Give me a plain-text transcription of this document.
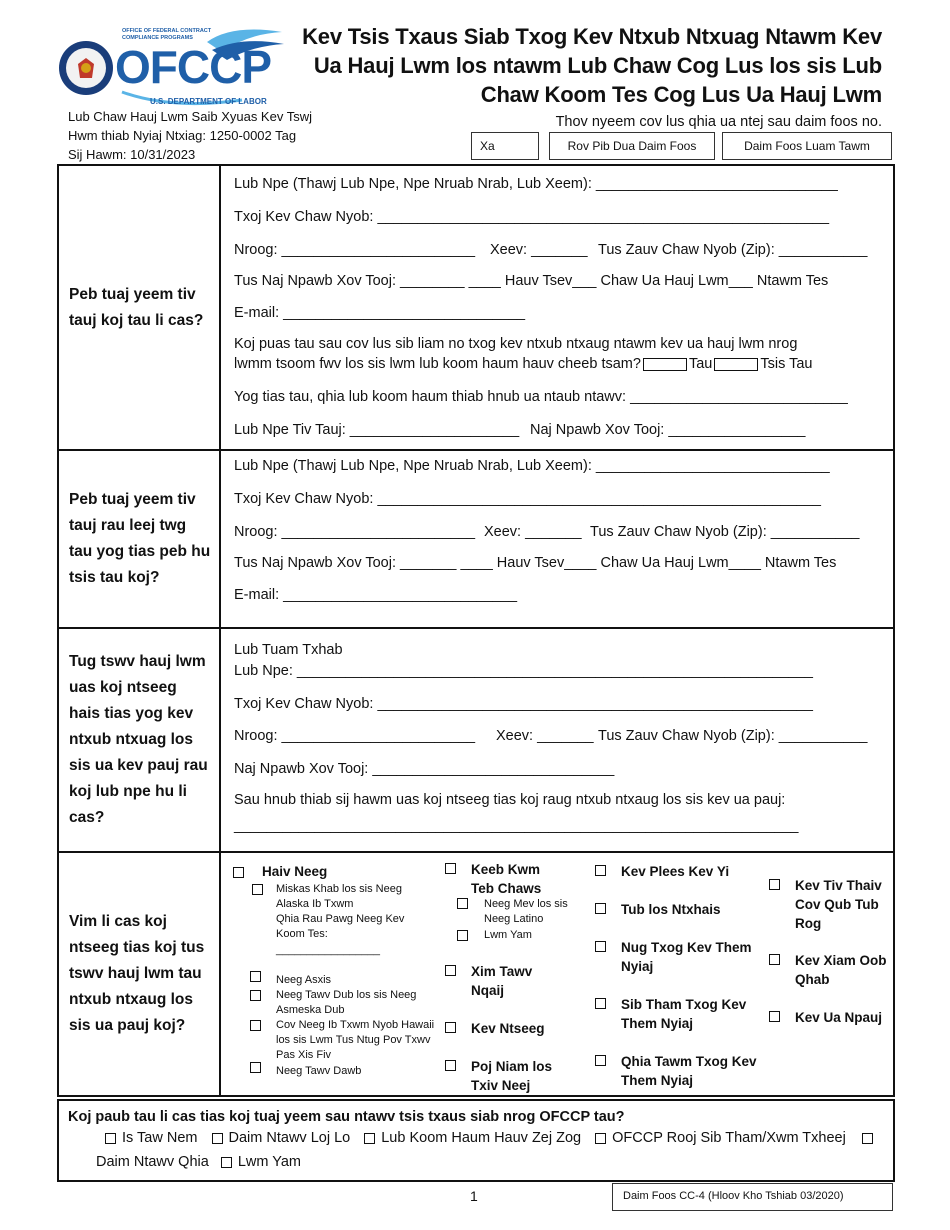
OFFICE OF FEDERAL CONTRACT COMPLIANCE PROGRAMS
OFCCP
U.S. DEPARTMENT OF LABOR
Kev Tsis Txaus Siab Txog Kev Ntxub Ntxuag Ntawm Kev
Ua Hauj Lwm los ntawm Lub Chaw Cog Lus los sis Lub
Chaw Koom Tes Cog Lus Ua Hauj Lwm
Lub Chaw Hauj Lwm Saib Xyuas Kev Tswj
Hwm thiab Nyiaj Ntxiag: 1250-0002 Tag
Sij Hawm: 10/31/2023
Thov nyeem cov lus qhia ua ntej sau daim foos no.
Xa	Rov Pib Dua Daim Foos	Daim Foos Luam Tawm
Peb tuaj yeem tiv tauj koj tau li cas?
Lub Npe (Thawj Lub Npe, Npe Nruab Nrab, Lub Xeem): ______________________________
Txoj Kev Chaw Nyob: ________________________________________________________
Nroog: ________________________ Xeev: _______ Tus Zauv Chaw Nyob (Zip): ___________
Tus Naj Npawb Xov Tooj: ________ ____ Hauv Tsev___ Chaw Ua Hauj Lwm___ Ntawm Tes
E-mail: ______________________________
Koj puas tau sau cov lus sib liam no txog kev ntxub ntxaug ntawm kev ua hauj lwm nrog
lwmm tsoom fwv los sis lwm lub koom haum hauv cheeb tsam?	Tau	Tsis Tau
Yog tias tau, qhia lub koom haum thiab hnub ua ntaub ntawv: ___________________________
Lub Npe Tiv Tauj: _____________________ Naj Npawb Xov Tooj: _________________
Peb tuaj yeem tiv tauj rau leej twg tau yog tias peb hu tsis tau koj?
Lub Npe (Thawj Lub Npe, Npe Nruab Nrab, Lub Xeem): _____________________________
Txoj Kev Chaw Nyob: _______________________________________________________
Nroog: ________________________ Xeev: _______ Tus Zauv Chaw Nyob (Zip): ___________
Tus Naj Npawb Xov Tooj: _______ ____ Hauv Tsev____ Chaw Ua Hauj Lwm____ Ntawm Tes
E-mail: _____________________________
Tug tswv hauj lwm uas koj ntseeg hais tias yog kev ntxub ntxuag los sis ua kev pauj rau koj lub npe hu li cas?
Lub Tuam Txhab
Lub Npe: ________________________________________________________________
Txoj Kev Chaw Nyob: ______________________________________________________
Nroog: ________________________ Xeev: _______ Tus Zauv Chaw Nyob (Zip): ___________
Naj Npawb Xov Tooj: ______________________________
Sau hnub thiab sij hawm uas koj ntseeg tias koj raug ntxub ntxaug los sis kev ua pauj:
______________________________________________________________________
Vim li cas koj ntseeg tias koj tus tswv hauj lwm tau ntxub ntxaug los sis ua pauj koj?
Haiv Neeg
Miskas Khab los sis Neeg Alaska Ib Txwm
Qhia Rau Pawg Neeg Kev Koom Tes:
_________________
Neeg Asxis
Neeg Tawv Dub los sis Neeg Asmeska Dub
Cov Neeg Ib Txwm Nyob Hawaii los sis Lwm Tus Ntug Pov Txwv Pas Xis Fiv
Neeg Tawv Dawb
Keeb Kwm Teb Chaws
Neeg Mev los sis Neeg Latino
Lwm Yam
Xim Tawv Nqaij
Kev Ntseeg
Poj Niam los Txiv Neej
Kev Plees Kev Yi
Tub los Ntxhais
Nug Txog Kev Them Nyiaj
Sib Tham Txog Kev Them Nyiaj
Qhia Tawm Txog Kev Them Nyiaj
Kev Tiv Thaiv Cov Qub Tub Rog
Kev Xiam Oob Qhab
Kev Ua Npauj
Koj paub tau li cas tias koj tuaj yeem sau ntawv tsis txaus siab nrog OFCCP tau?
Is Taw Nem Daim Ntawv Loj Lo Lub Koom Haum Hauv Zej Zog OFCCP Rooj Sib Tham/Xwm Txheej
Daim Ntawv Qhia Lwm Yam
1	Daim Foos CC-4 (Hloov Kho Tshiab 03/2020)
